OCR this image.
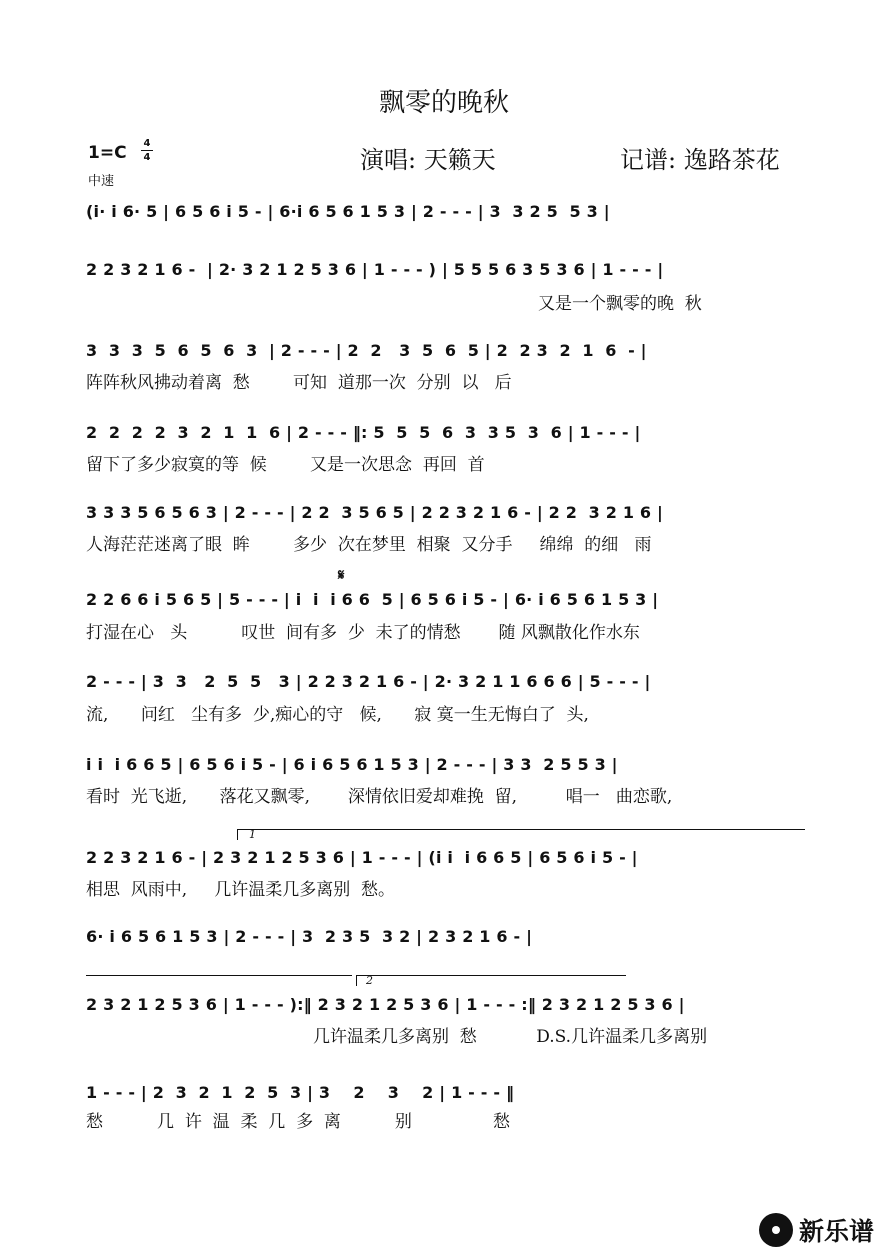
飘零的晚秋
1=C 4
4
中速
演唱: 天籁天	记谱: 逸路茶花
𝄋
1
2
(i· i 6· 5 | 6 5 6 i 5 - | 6·i 6 5 6 1 5 3 | 2 - - - | 3  3 2 5  5 3 |
2 2 3 2 1 6 -  | 2· 3 2 1 2 5 3 6 | 1 - - - ) | 5 5 5 6 3 5 3 6 | 1 - - - |
又是一个飘零的晚  秋
3  3  3  5  6  5  6  3  | 2 - - - | 2  2   3  5  6  5 | 2  2 3  2  1  6  - |
阵阵秋风拂动着离  愁        可知  道那一次  分别  以   后
2  2  2  2  3  2  1  1  6 | 2 - - - ‖: 5  5  5  6  3  3 5  3  6 | 1 - - - |
留下了多少寂寞的等  候        又是一次思念  再回  首
3 3 3 5 6 5 6 3 | 2 - - - | 2 2  3 5 6 5 | 2 2 3 2 1 6 - | 2 2  3 2 1 6 |
人海茫茫迷离了眼  眸        多少  次在梦里  相聚  又分手     绵绵  的细   雨
2 2 6 6 i 5 6 5 | 5 - - - | i  i  i 6 6  5 | 6 5 6 i 5 - | 6· i 6 5 6 1 5 3 |
打湿在心   头          叹世  间有多  少  未了的情愁       随 风飘散化作水东
2 - - - | 3  3   2  5  5   3 | 2 2 3 2 1 6 - | 2· 3 2 1 1 6 6 6 | 5 - - - |
流,      问红   尘有多  少,痴心的守   候,      寂 寞一生无悔白了  头,
i i  i 6 6 5 | 6 5 6 i 5 - | 6 i 6 5 6 1 5 3 | 2 - - - | 3 3  2 5 5 3 |
看时  光飞逝,      落花又飘零,       深情依旧爱却难挽  留,         唱一   曲恋歌,
2 2 3 2 1 6 - | 2 3 2 1 2 5 3 6 | 1 - - - | (i i  i 6 6 5 | 6 5 6 i 5 - |
相思  风雨中,     几许温柔几多离别  愁。
6· i 6 5 6 1 5 3 | 2 - - - | 3  2 3 5  3 2 | 2 3 2 1 6 - |
2 3 2 1 2 5 3 6 | 1 - - - ):‖ 2 3 2 1 2 5 3 6 | 1 - - - :‖ 2 3 2 1 2 5 3 6 |
几许温柔几多离别  愁           D.S.几许温柔几多离别
1 - - - | 2  3  2  1  2  5  3 | 3    2    3    2 | 1 - - - ‖
愁          几  许  温  柔  几  多  离          别               愁
新乐谱
